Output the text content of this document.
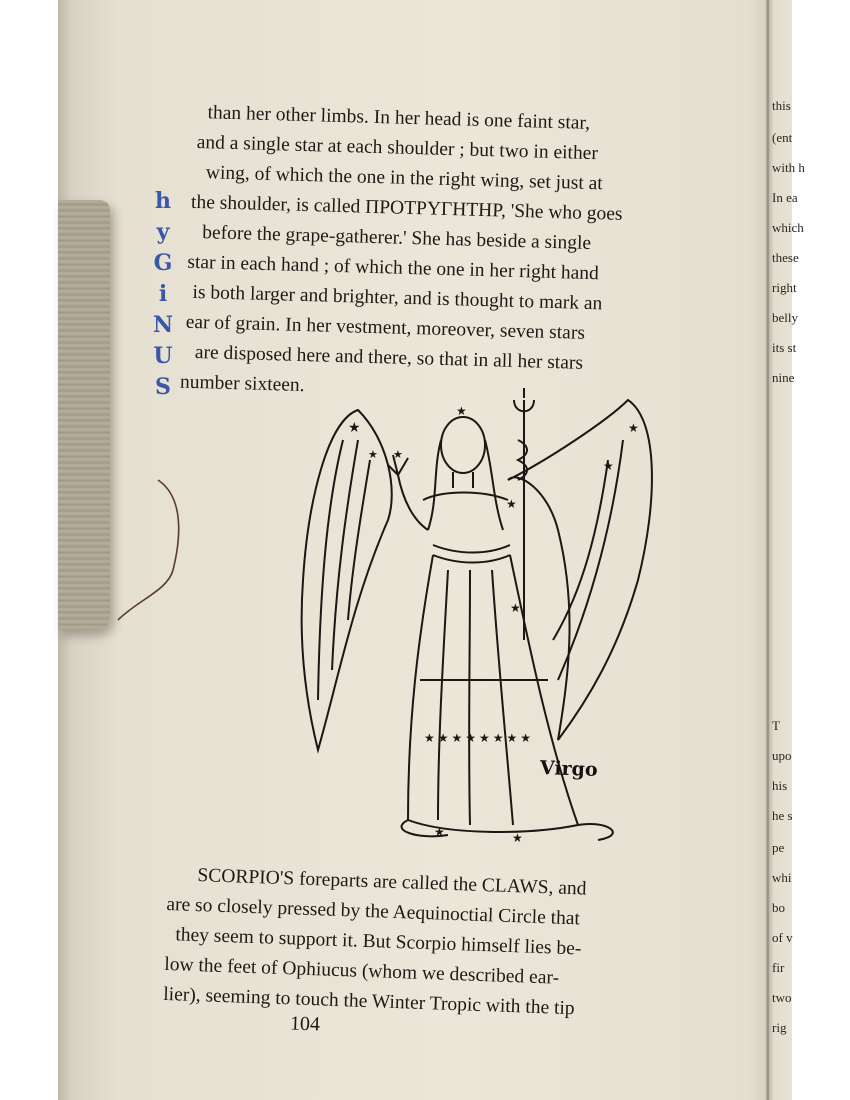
h
y
G
i
N
U
S
than her other limbs. In her head is one faint star,
and a single star at each shoulder ; but two in either
wing, of which the one in the right wing, set just at
the shoulder, is called ΠΡΟΤΡΥΓΗΤΗΡ, 'She who goes
before the grape-gatherer.' She has beside a single
star in each hand ; of which the one in her right hand
is both larger and brighter, and is thought to mark an
ear of grain. In her vestment, moreover, seven stars
are disposed here and there, so that in all her stars
number sixteen.
★
★
★
★ ★
★
★
★
★ ★ ★ ★ ★ ★ ★ ★
★	★
Virgo
SCORPIO'S foreparts are called the CLAWS, and
are so closely pressed by the Aequinoctial Circle that
they seem to support it. But Scorpio himself lies be-
low the feet of Ophiucus (whom we described ear-
lier), seeming to touch the Winter Tropic with the tip
104
this
(ent
with h
In ea
which
these
right
belly
its st
nine
T
upo
his
he s
pe
whi
bo
of v
fir
two
rig
